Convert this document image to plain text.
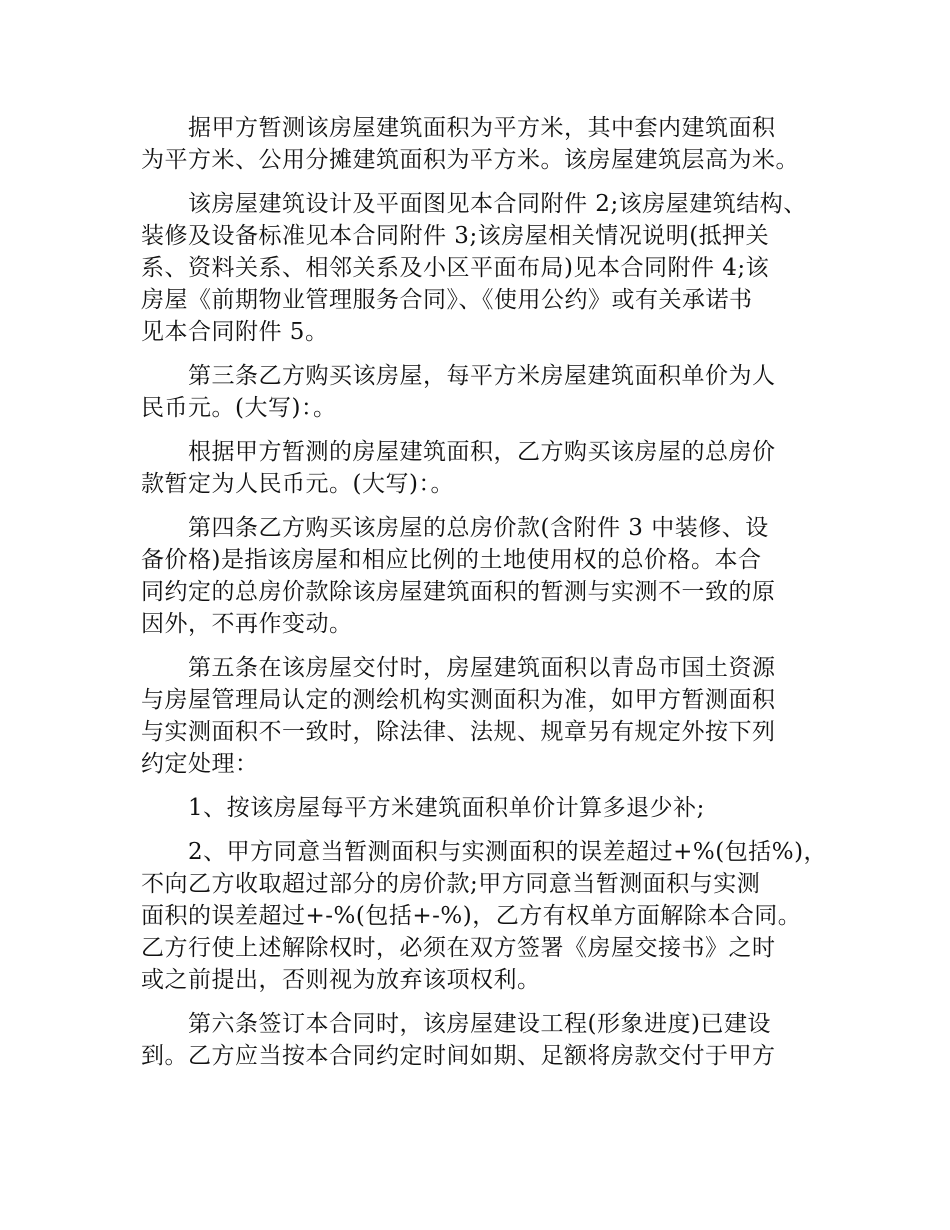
　　据甲方暂测该房屋建筑面积为平方米，其中套内建筑面积
为平方米、公用分摊建筑面积为平方米。该房屋建筑层高为米。
　　该房屋建筑设计及平面图见本合同附件 2;该房屋建筑结构、
装修及设备标准见本合同附件 3;该房屋相关情况说明(抵押关
系、资料关系、相邻关系及小区平面布局)见本合同附件 4;该
房屋《前期物业管理服务合同》、《使用公约》或有关承诺书
见本合同附件 5。
　　第三条乙方购买该房屋，每平方米房屋建筑面积单价为人
民币元。(大写)：。
　　根据甲方暂测的房屋建筑面积，乙方购买该房屋的总房价
款暂定为人民币元。(大写)：。
　　第四条乙方购买该房屋的总房价款(含附件 3 中装修、设
备价格)是指该房屋和相应比例的土地使用权的总价格。本合
同约定的总房价款除该房屋建筑面积的暂测与实测不一致的原
因外，不再作变动。
　　第五条在该房屋交付时，房屋建筑面积以青岛市国土资源
与房屋管理局认定的测绘机构实测面积为准，如甲方暂测面积
与实测面积不一致时，除法律、法规、规章另有规定外按下列
约定处理：
　　1、按该房屋每平方米建筑面积单价计算多退少补;
　　2、甲方同意当暂测面积与实测面积的误差超过+%(包括%)，
不向乙方收取超过部分的房价款;甲方同意当暂测面积与实测
面积的误差超过+-%(包括+-%)，乙方有权单方面解除本合同。
乙方行使上述解除权时，必须在双方签署《房屋交接书》之时
或之前提出，否则视为放弃该项权利。
　　第六条签订本合同时，该房屋建设工程(形象进度)已建设
到。乙方应当按本合同约定时间如期、足额将房款交付于甲方
